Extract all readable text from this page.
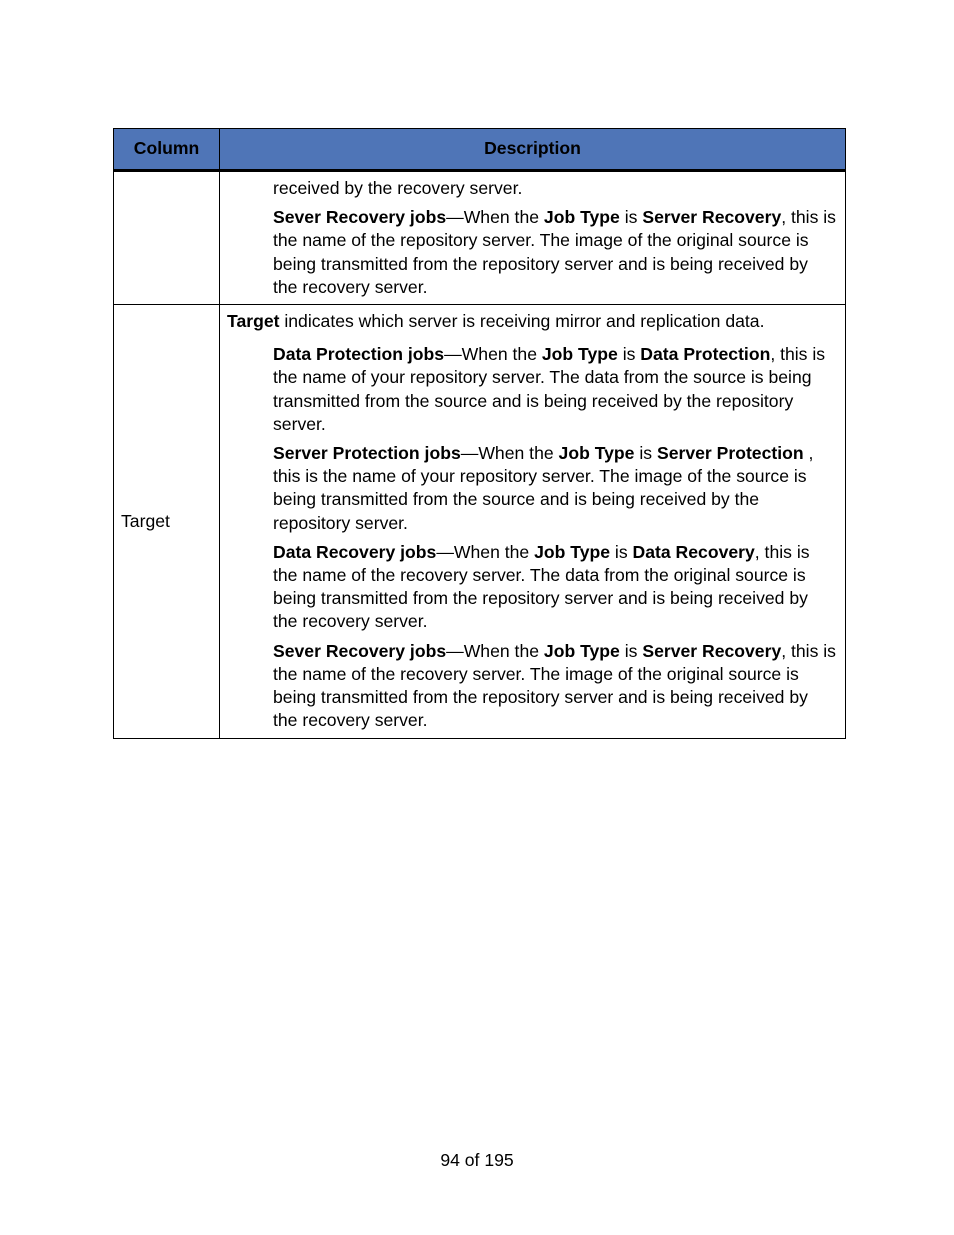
Column	Description

	received by the recovery server.
Sever Recovery jobs—When the Job Type is Server Recovery, this is the name of the repository server. The image of the original source is being transmitted from the repository server and is being received by the recovery server.

Target	Target indicates which server is receiving mirror and replication data.
Data Protection jobs—When the Job Type is Data Protection, this is the name of your repository server. The data from the source is being transmitted from the source and is being received by the repository server.
Server Protection jobs—When the Job Type is Server Protection , this is the name of your repository server. The image of the source is being transmitted from the source and is being received by the repository server.
Data Recovery jobs—When the Job Type is Data Recovery, this is the name of the recovery server. The data from the original source is being transmitted from the repository server and is being received by the recovery server.
Sever Recovery jobs—When the Job Type is Server Recovery, this is the name of the recovery server. The image of the original source is being transmitted from the repository server and is being received by the recovery server.
94 of 195
